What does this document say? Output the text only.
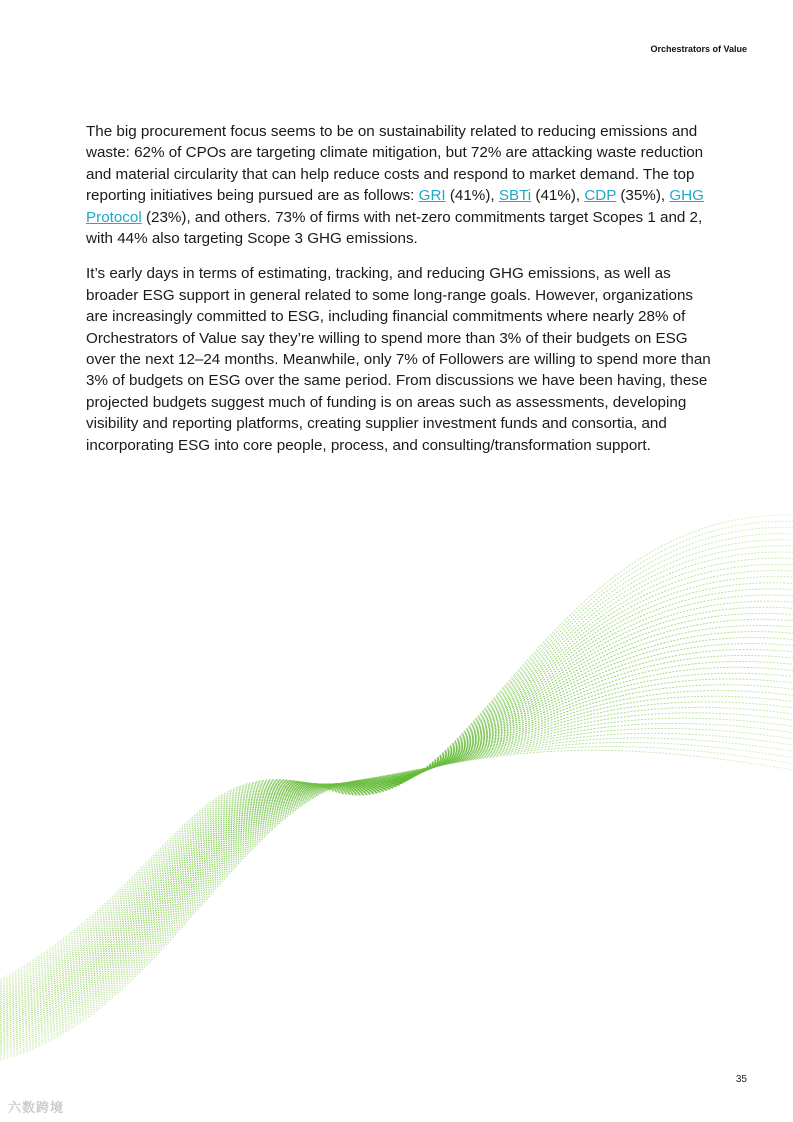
Orchestrators of Value

The big procurement focus seems to be on sustainability related to reducing emissions and waste: 62% of CPOs are targeting climate mitigation, but 72% are attacking waste reduction and material circularity that can help reduce costs and respond to market demand. The top reporting initiatives being pursued are as follows: GRI (41%), SBTi (41%), CDP (35%), GHG Protocol (23%), and others. 73% of firms with net-zero commitments target Scopes 1 and 2, with 44% also targeting Scope 3 GHG emissions.

It’s early days in terms of estimating, tracking, and reducing GHG emissions, as well as broader ESG support in general related to some long-range goals. However, organizations are increasingly committed to ESG, including financial commitments where nearly 28% of Orchestrators of Value say they’re willing to spend more than 3% of their budgets on ESG over the next 12–24 months. Meanwhile, only 7% of Followers are willing to spend more than 3% of budgets on ESG over the same period. From discussions we have been having, these projected budgets suggest much of funding is on areas such as assessments, developing visibility and reporting platforms, creating supplier investment funds and consortia, and incorporating ESG into core people, process, and consulting/transformation support.

35
六数跨境
